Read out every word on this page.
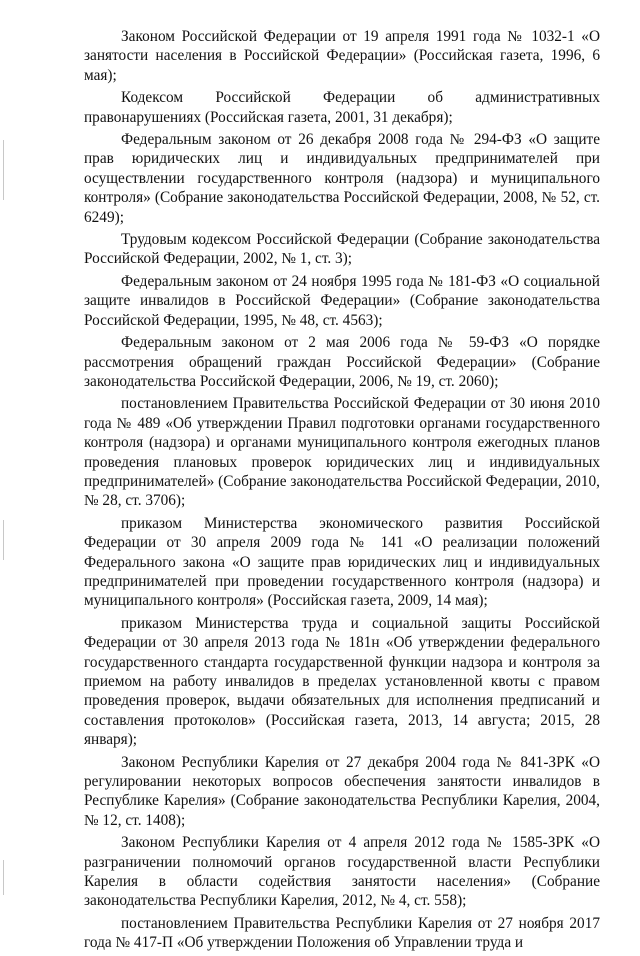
Законом Российской Федерации от 19 апреля 1991 года № 1032-1 «О занятости населения в Российской Федерации» (Российская газета, 1996, 6 мая);

Кодексом Российской Федерации об административных правонарушениях (Российская газета, 2001, 31 декабря);

Федеральным законом от 26 декабря 2008 года № 294-ФЗ «О защите прав юридических лиц и индивидуальных предпринимателей при осуществлении государственного контроля (надзора) и муниципального контроля» (Собрание законодательства Российской Федерации, 2008, № 52, ст. 6249);

Трудовым кодексом Российской Федерации (Собрание законодательства Российской Федерации, 2002, № 1, ст. 3);

Федеральным законом от 24 ноября 1995 года № 181-ФЗ «О социальной защите инвалидов в Российской Федерации» (Собрание законодательства Российской Федерации, 1995, № 48, ст. 4563);

Федеральным законом от 2 мая 2006 года № 59-ФЗ «О порядке рассмотрения обращений граждан Российской Федерации» (Собрание законодательства Российской Федерации, 2006, № 19, ст. 2060);

постановлением Правительства Российской Федерации от 30 июня 2010 года № 489 «Об утверждении Правил подготовки органами государственного контроля (надзора) и органами муниципального контроля ежегодных планов проведения плановых проверок юридических лиц и индивидуальных предпринимателей» (Собрание законодательства Российской Федерации, 2010, № 28, ст. 3706);

приказом Министерства экономического развития Российской Федерации от 30 апреля 2009 года № 141 «О реализации положений Федерального закона «О защите прав юридических лиц и индивидуальных предпринимателей при проведении государственного контроля (надзора) и муниципального контроля» (Российская газета, 2009, 14 мая);

приказом Министерства труда и социальной защиты Российской Федерации от 30 апреля 2013 года № 181н «Об утверждении федерального государственного стандарта государственной функции надзора и контроля за приемом на работу инвалидов в пределах установленной квоты с правом проведения проверок, выдачи обязательных для исполнения предписаний и составления протоколов» (Российская газета, 2013, 14 августа; 2015, 28 января);

Законом Республики Карелия от 27 декабря 2004 года № 841-ЗРК «О регулировании некоторых вопросов обеспечения занятости инвалидов в Республике Карелия» (Собрание законодательства Республики Карелия, 2004, № 12, ст. 1408);

Законом Республики Карелия от 4 апреля 2012 года № 1585-ЗРК «О разграничении полномочий органов государственной власти Республики Карелия в области содействия занятости населения» (Собрание законодательства Республики Карелия, 2012, № 4, ст. 558);

постановлением Правительства Республики Карелия от 27 ноября 2017 года № 417-П «Об утверждении Положения об Управлении труда и
